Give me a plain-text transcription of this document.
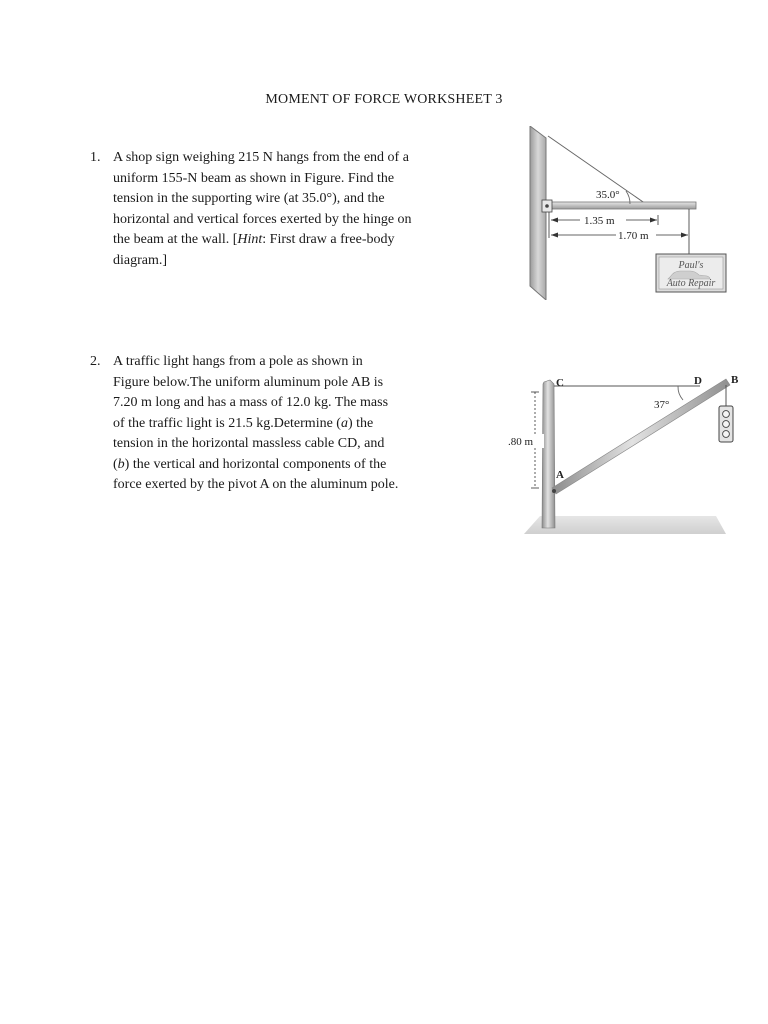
MOMENT OF FORCE WORKSHEET 3
1. A shop sign weighing 215 N hangs from the end of a
uniform 155-N beam as shown in Figure. Find the
tension in the supporting wire (at 35.0°), and the
horizontal and vertical forces exerted by the hinge on
the beam at the wall. [Hint: First draw a free-body
diagram.]
35.0°
1.35 m
1.70 m
Paul's
Auto Repair
2. A traffic light hangs from a pole as shown in
Figure below.The uniform aluminum pole AB is
7.20 m long and has a mass of 12.0 kg. The mass
of the traffic light is 21.5 kg.Determine (a) the
tension in the horizontal massless cable CD, and
(b) the vertical and horizontal components of the
force exerted by the pivot A on the aluminum pole.
37°
C	D	B
A
.80 m
